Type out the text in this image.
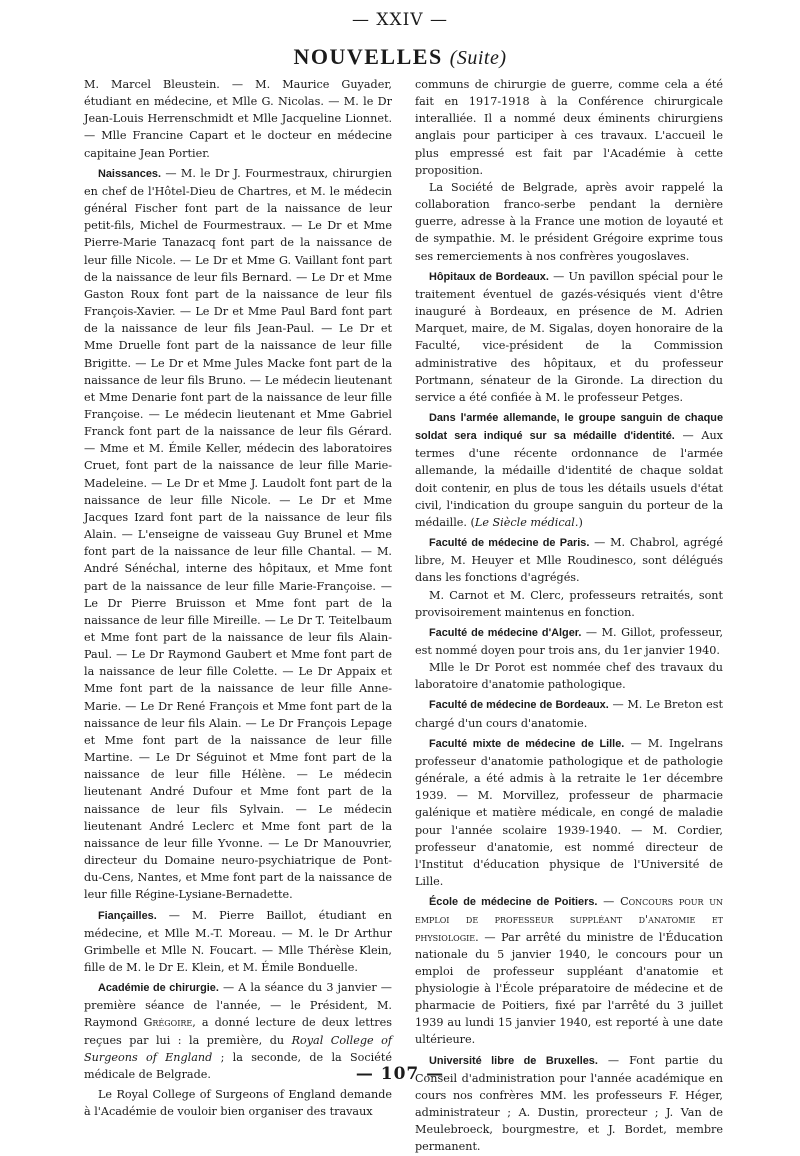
— XXIV —
NOUVELLES (Suite)

M. Marcel Bleustein. — M. Maurice Guyader, étudiant en médecine, et Mlle G. Nicolas. — M. le Dr Jean-Louis Herrenschmidt et Mlle Jacqueline Lionnet. — Mlle Francine Capart et le docteur en médecine capitaine Jean Portier.

Naissances. — M. le Dr J. Fourmestraux, chirurgien en chef de l'Hôtel-Dieu de Chartres, et M. le médecin général Fischer font part de la naissance de leur petit-fils, Michel de Fourmestraux. — Le Dr et Mme Pierre-Marie Tanazacq font part de la naissance de leur fille Nicole. — Le Dr et Mme G. Vaillant font part de la naissance de leur fils Bernard. — Le Dr et Mme Gaston Roux font part de la naissance de leur fils François-Xavier. — Le Dr et Mme Paul Bard font part de la naissance de leur fils Jean-Paul. — Le Dr et Mme Druelle font part de la naissance de leur fille Brigitte. — Le Dr et Mme Jules Macke font part de la naissance de leur fils Bruno. — Le médecin lieutenant et Mme Denarie font part de la naissance de leur fille Françoise. — Le médecin lieutenant et Mme Gabriel Franck font part de la naissance de leur fils Gérard. — Mme et M. Émile Keller, médecin des laboratoires Cruet, font part de la naissance de leur fille Marie-Madeleine. — Le Dr et Mme J. Laudolt font part de la naissance de leur fille Nicole. — Le Dr et Mme Jacques Izard font part de la naissance de leur fils Alain. — L'enseigne de vaisseau Guy Brunel et Mme font part de la naissance de leur fille Chantal. — M. André Sénéchal, interne des hôpitaux, et Mme font part de la naissance de leur fille Marie-Françoise. — Le Dr Pierre Bruisson et Mme font part de la naissance de leur fille Mireille. — Le Dr T. Teitelbaum et Mme font part de la naissance de leur fils Alain-Paul. — Le Dr Raymond Gaubert et Mme font part de la naissance de leur fille Colette. — Le Dr Appaix et Mme font part de la naissance de leur fille Anne-Marie. — Le Dr René François et Mme font part de la naissance de leur fils Alain. — Le Dr François Lepage et Mme font part de la naissance de leur fille Martine. — Le Dr Séguinot et Mme font part de la naissance de leur fille Hélène. — Le médecin lieutenant André Dufour et Mme font part de la naissance de leur fils Sylvain. — Le médecin lieutenant André Leclerc et Mme font part de la naissance de leur fille Yvonne. — Le Dr Manouvrier, directeur du Domaine neuro-psychiatrique de Pont-du-Cens, Nantes, et Mme font part de la naissance de leur fille Régine-Lysiane-Bernadette.

Fiançailles. — M. Pierre Baillot, étudiant en médecine, et Mlle M.-T. Moreau. — M. le Dr Arthur Grimbelle et Mlle N. Foucart. — Mlle Thérèse Klein, fille de M. le Dr E. Klein, et M. Émile Bonduelle.

Académie de chirurgie. — A la séance du 3 janvier — première séance de l'année, — le Président, M. Raymond Grégoire, a donné lecture de deux lettres reçues par lui : la première, du Royal College of Surgeons of England ; la seconde, de la Société médicale de Belgrade.

Le Royal College of Surgeons of England demande à l'Académie de vouloir bien organiser des travaux

communs de chirurgie de guerre, comme cela a été fait en 1917-1918 à la Conférence chirurgicale interalliée. Il a nommé deux éminents chirurgiens anglais pour participer à ces travaux. L'accueil le plus empressé est fait par l'Académie à cette proposition.

La Société de Belgrade, après avoir rappelé la collaboration franco-serbe pendant la dernière guerre, adresse à la France une motion de loyauté et de sympathie. M. le président Grégoire exprime tous ses remerciements à nos confrères yougoslaves.

Hôpitaux de Bordeaux. — Un pavillon spécial pour le traitement éventuel de gazés-vésiqués vient d'être inauguré à Bordeaux, en présence de M. Adrien Marquet, maire, de M. Sigalas, doyen honoraire de la Faculté, vice-président de la Commission administrative des hôpitaux, et du professeur Portmann, sénateur de la Gironde. La direction du service a été confiée à M. le professeur Petges.

Dans l'armée allemande, le groupe sanguin de chaque soldat sera indiqué sur sa médaille d'identité. — Aux termes d'une récente ordonnance de l'armée allemande, la médaille d'identité de chaque soldat doit contenir, en plus de tous les détails usuels d'état civil, l'indication du groupe sanguin du porteur de la médaille. (Le Siècle médical.)

Faculté de médecine de Paris. — M. Chabrol, agrégé libre, M. Heuyer et Mlle Roudinesco, sont délégués dans les fonctions d'agrégés.

M. Carnot et M. Clerc, professeurs retraités, sont provisoirement maintenus en fonction.

Faculté de médecine d'Alger. — M. Gillot, professeur, est nommé doyen pour trois ans, du 1er janvier 1940.

Mlle le Dr Porot est nommée chef des travaux du laboratoire d'anatomie pathologique.

Faculté de médecine de Bordeaux. — M. Le Breton est chargé d'un cours d'anatomie.

Faculté mixte de médecine de Lille. — M. Ingelrans professeur d'anatomie pathologique et de pathologie générale, a été admis à la retraite le 1er décembre 1939. — M. Morvillez, professeur de pharmacie galénique et matière médicale, en congé de maladie pour l'année scolaire 1939-1940. — M. Cordier, professeur d'anatomie, est nommé directeur de l'Institut d'éducation physique de l'Université de Lille.

École de médecine de Poitiers. — Concours pour un emploi de professeur suppléant d'anatomie et physiologie. — Par arrêté du ministre de l'Éducation nationale du 5 janvier 1940, le concours pour un emploi de professeur suppléant d'anatomie et physiologie à l'École préparatoire de médecine et de pharmacie de Poitiers, fixé par l'arrêté du 3 juillet 1939 au lundi 15 janvier 1940, est reporté à une date ultérieure.

Université libre de Bruxelles. — Font partie du Conseil d'administration pour l'année académique en cours nos confrères MM. les professeurs F. Héger, administrateur ; A. Dustin, prorecteur ; J. Van de Meulebroeck, bourgmestre, et J. Bordet, membre permanent.

— 107 —
